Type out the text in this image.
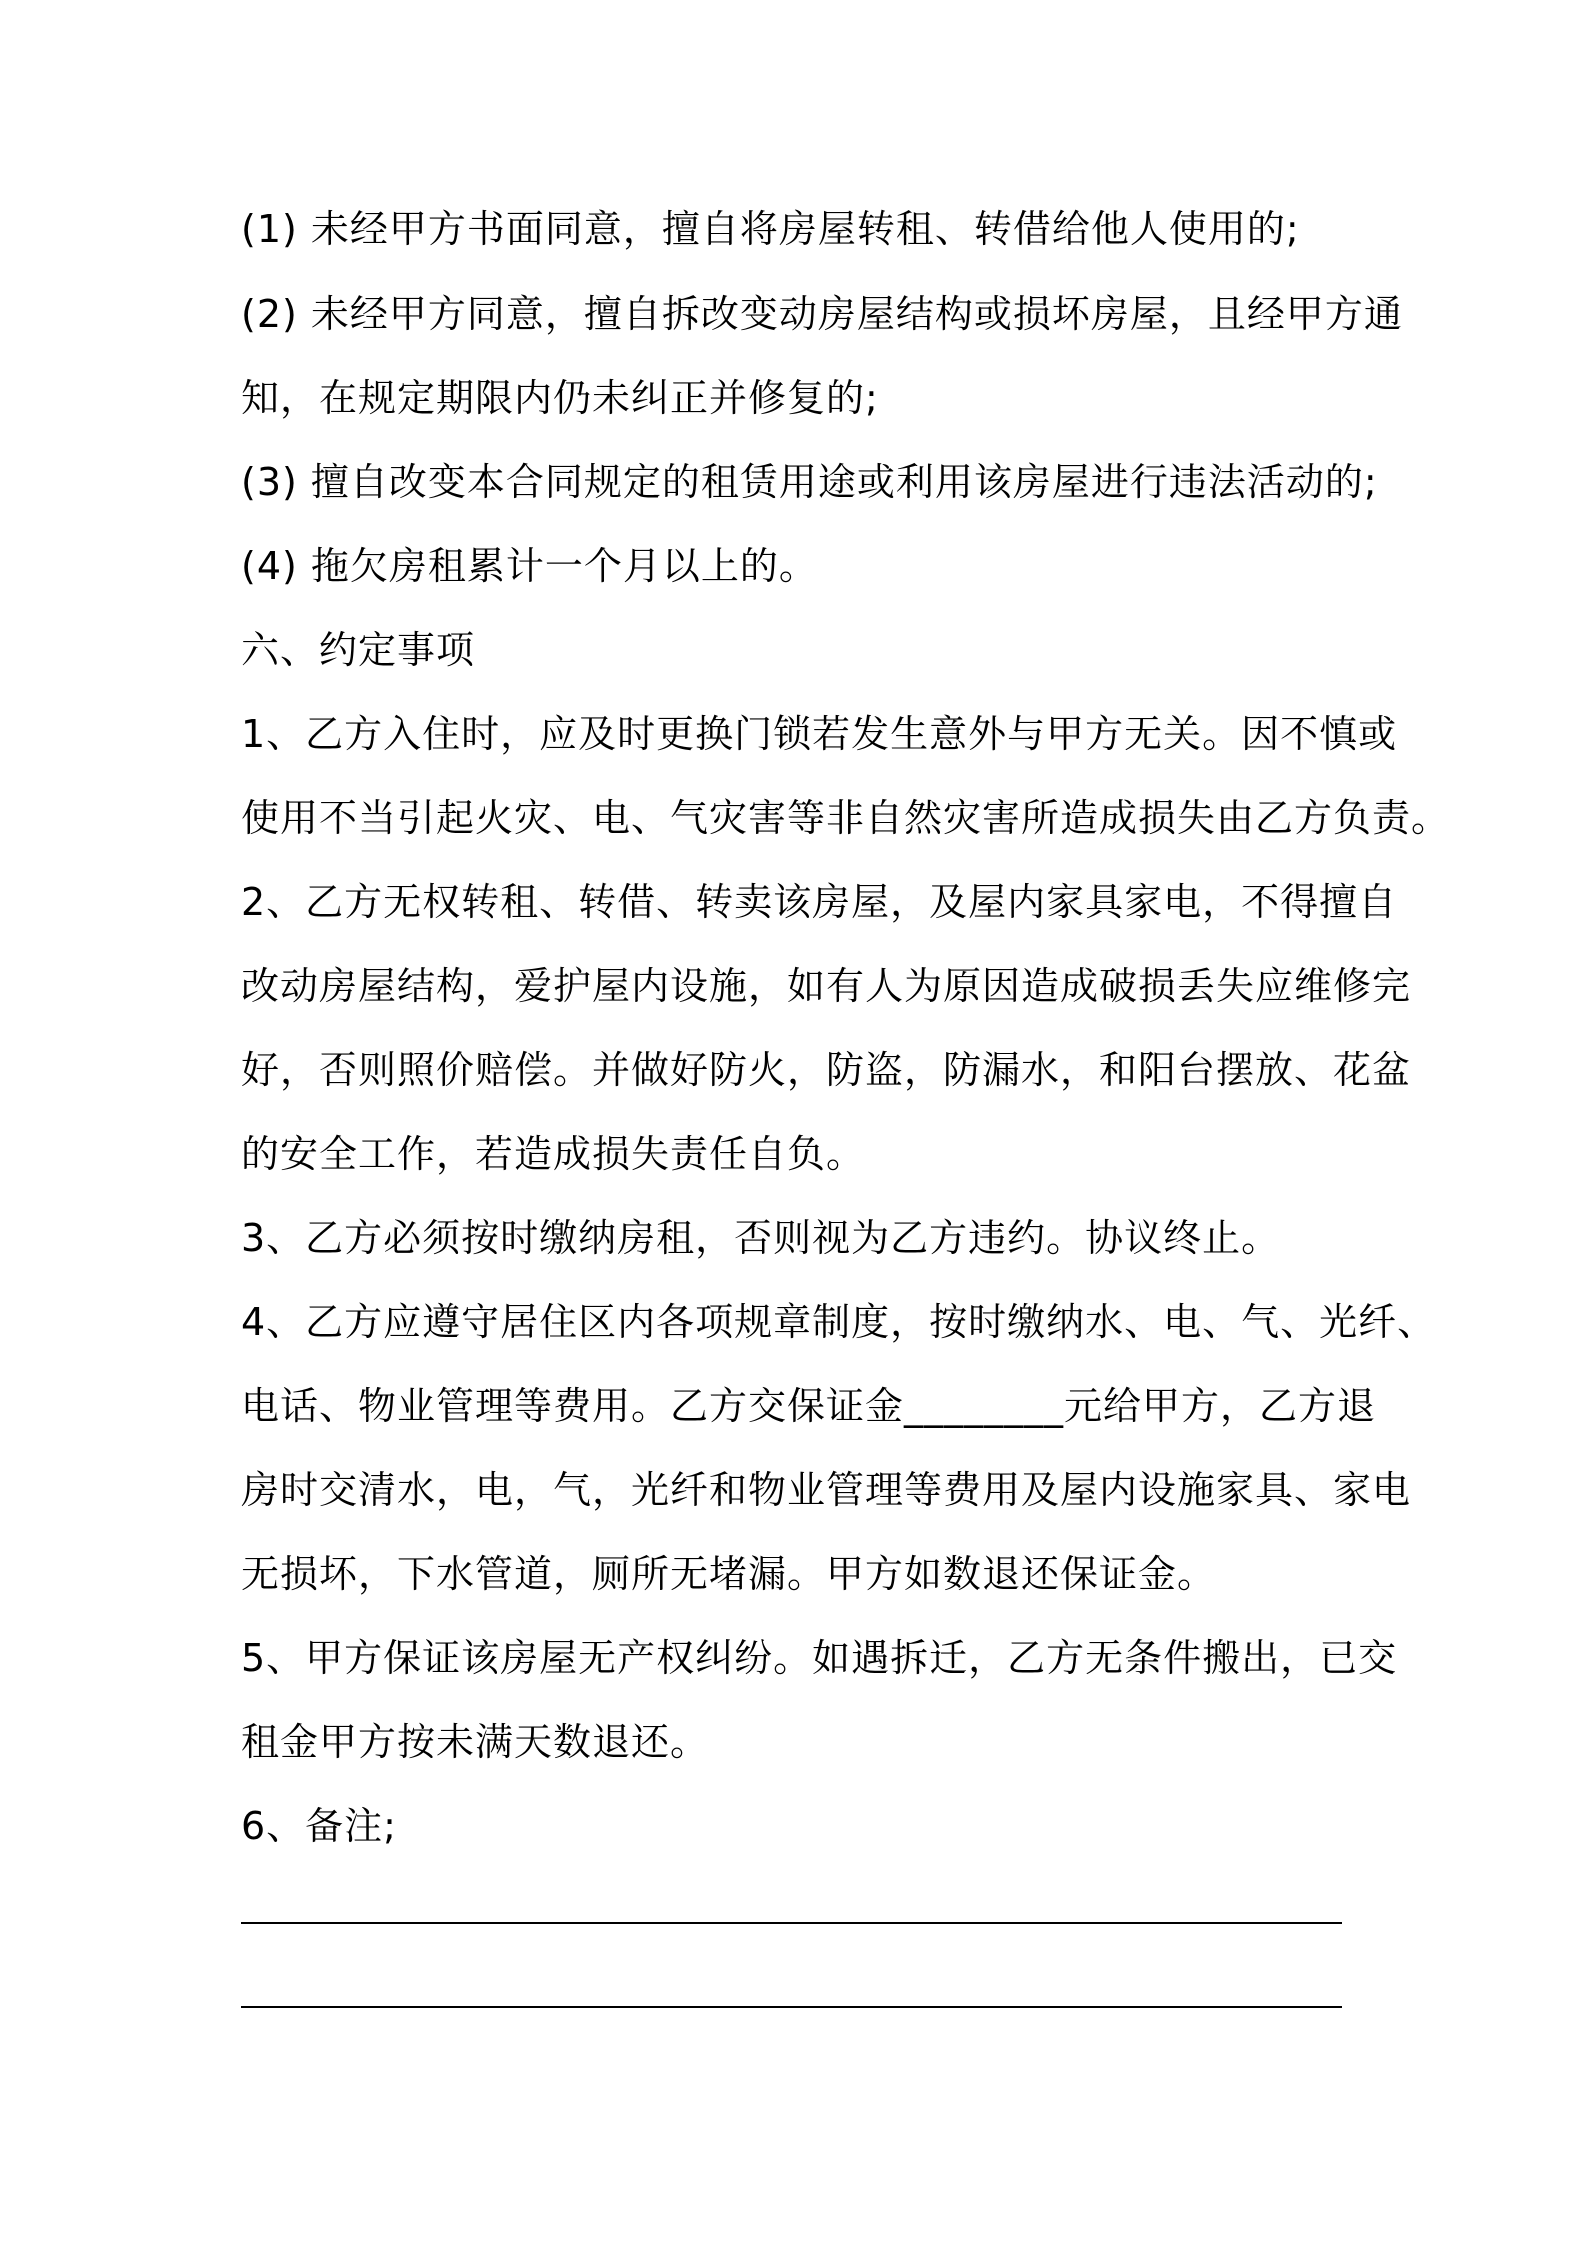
(1) 未经甲方书面同意，擅自将房屋转租、转借给他人使用的;
(2) 未经甲方同意，擅自拆改变动房屋结构或损坏房屋，且经甲方通
知，在规定期限内仍未纠正并修复的;
(3) 擅自改变本合同规定的租赁用途或利用该房屋进行违法活动的;
(4) 拖欠房租累计一个月以上的。
六、约定事项
1、乙方入住时，应及时更换门锁若发生意外与甲方无关。因不慎或
使用不当引起火灾、电、气灾害等非自然灾害所造成损失由乙方负责。
2、乙方无权转租、转借、转卖该房屋，及屋内家具家电，不得擅自
改动房屋结构，爱护屋内设施，如有人为原因造成破损丢失应维修完
好，否则照价赔偿。并做好防火，防盗，防漏水，和阳台摆放、花盆
的安全工作，若造成损失责任自负。
3、乙方必须按时缴纳房租，否则视为乙方违约。协议终止。
4、乙方应遵守居住区内各项规章制度，按时缴纳水、电、气、光纤、
电话、物业管理等费用。乙方交保证金________元给甲方，乙方退
房时交清水，电，气，光纤和物业管理等费用及屋内设施家具、家电
无损坏，下水管道，厕所无堵漏。甲方如数退还保证金。
5、甲方保证该房屋无产权纠纷。如遇拆迁，乙方无条件搬出，已交
租金甲方按未满天数退还。
6、备注;
